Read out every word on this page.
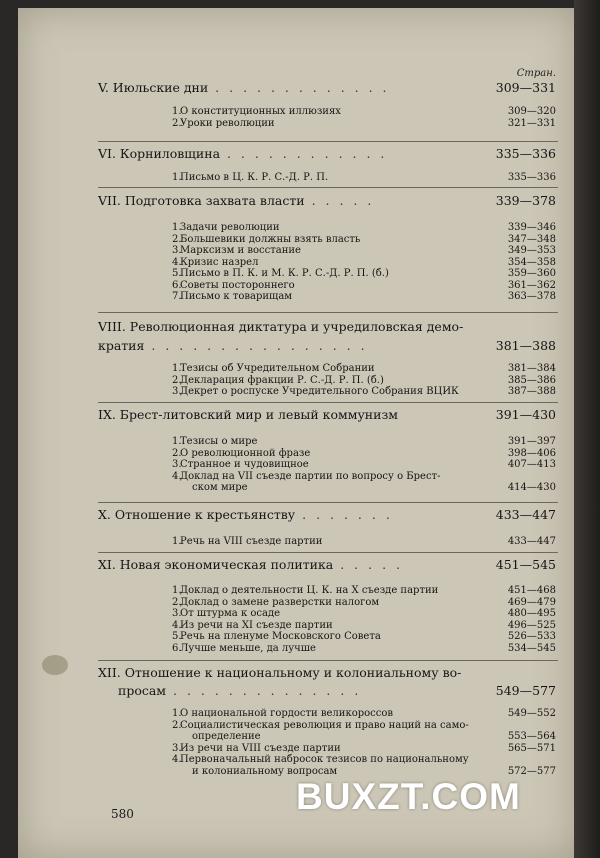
Стран.
V. Июльские дни . . . . . . . . . . . . .	309—331
1.
О конституционных иллюзиях	309—320
2.
Уроки революции	321—331
VI. Корниловщина . . . . . . . . . . . .	335—336
1.
Письмо в Ц. К. Р. С.-Д. Р. П.	335—336
VII. Подготовка захвата власти . . . . .	339—378
1.
Задачи революции	339—346
2.
Большевики должны взять власть	347—348
3.
Марксизм и восстание	349—353
4.
Кризис назрел	354—358
5.
Письмо в П. К. и М. К. Р. С.-Д. Р. П. (б.)	359—360
6.
Советы постороннего	361—362
7.
Письмо к товарищам	363—378
VIII. Революционная диктатура и учредиловская демо-
кратия . . . . . . . . . . . . . . . .	381—388
1.
Тезисы об Учредительном Собрании	381—384
2.
Декларация фракции Р. С.-Д. Р. П. (б.)	385—386
3.
Декрет о роспуске Учредительного Собрания ВЦИК	387—388
IX. Брест-литовский мир и левый коммунизм	391—430
1.
Тезисы о мире	391—397
2.
О революционной фразе	398—406
3.
Странное и чудовищное	407—413
4.
Доклад на VII съезде партии по вопросу о Брест-
ском мире	414—430
X. Отношение к крестьянству . . . . . . .	433—447
1.
Речь на VIII съезде партии	433—447
XI. Новая экономическая политика . . . . .	451—545
1.
Доклад о деятельности Ц. К. на X съезде партии	451—468
2.
Доклад о замене разверстки налогом	469—479
3.
От штурма к осаде	480—495
4.
Из речи на XI съезде партии	496—525
5.
Речь на пленуме Московского Совета	526—533
6.
Лучше меньше, да лучше	534—545
XII. Отношение к национальному и колониальному во-
просам . . . . . . . . . . . . . .	549—577
1.
О национальной гордости великороссов	549—552
2.
Социалистическая революция и право наций на само-
определение	553—564
3.
Из речи на VIII съезде партии	565—571
4.
Первоначальный набросок тезисов по национальному
и колониальному вопросам	572—577
580	BUXZT.COM
